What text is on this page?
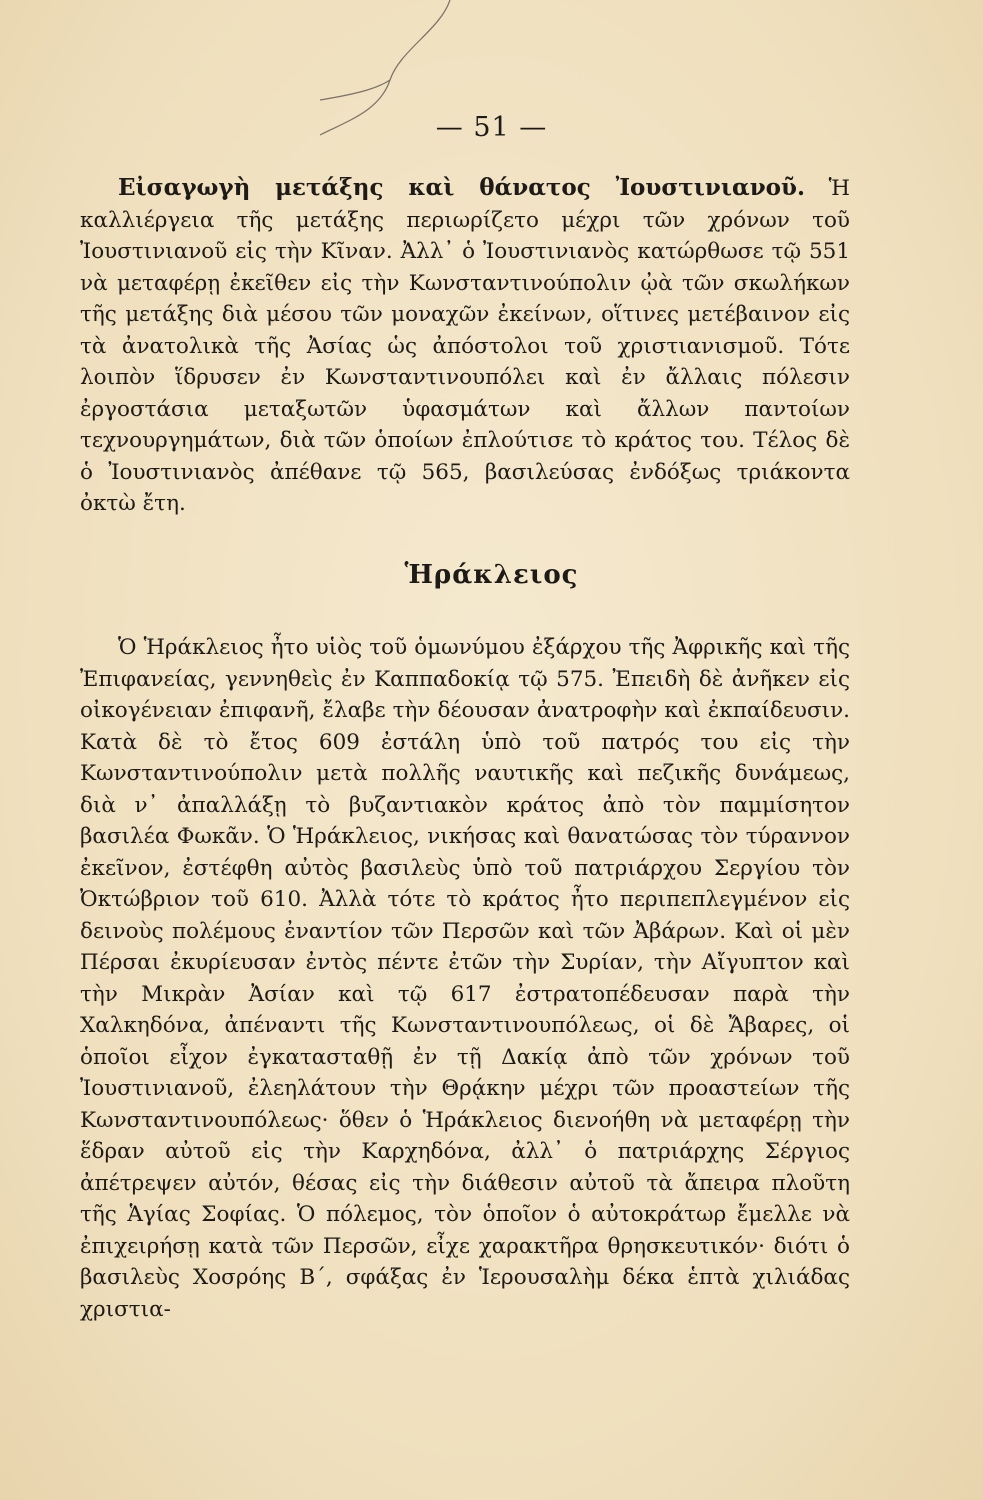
— 51 —

Εἰσαγωγὴ μετάξης καὶ θάνατος Ἰουστινιανοῦ. Ἡ καλλιέργεια τῆς μετάξης περιωρίζετο μέχρι τῶν χρόνων τοῦ Ἰουστινιανοῦ εἰς τὴν Κῖναν. Ἀλλ᾽ ὁ Ἰουστινιανὸς κατώρθωσε τῷ 551 νὰ μεταφέρῃ ἐκεῖθεν εἰς τὴν Κωνσταντινούπολιν ᾠὰ τῶν σκωλήκων τῆς μετάξης διὰ μέσου τῶν μοναχῶν ἐκείνων, οἵτινες μετέβαινον εἰς τὰ ἀνατολικὰ τῆς Ἀσίας ὡς ἀπόστολοι τοῦ χριστιανισμοῦ. Τότε λοιπὸν ἵδρυσεν ἐν Κωνσταντινουπόλει καὶ ἐν ἄλλαις πόλεσιν ἐργοστάσια μεταξωτῶν ὑφασμάτων καὶ ἄλλων παντοίων τεχνουργημάτων, διὰ τῶν ὁποίων ἐπλούτισε τὸ κράτος του. Τέλος δὲ ὁ Ἰουστινιανὸς ἀπέθανε τῷ 565, βασιλεύσας ἐνδόξως τριάκοντα ὀκτὼ ἔτη.

Ἡράκλειος

Ὁ Ἡράκλειος ἦτο υἱὸς τοῦ ὁμωνύμου ἐξάρχου τῆς Ἀφρικῆς καὶ τῆς Ἐπιφανείας, γεννηθεὶς ἐν Καππαδοκίᾳ τῷ 575. Ἐπειδὴ δὲ ἀνῆκεν εἰς οἰκογένειαν ἐπιφανῆ, ἔλαβε τὴν δέουσαν ἀνατροφὴν καὶ ἐκπαίδευσιν. Κατὰ δὲ τὸ ἔτος 609 ἐστάλη ὑπὸ τοῦ πατρός του εἰς τὴν Κωνσταντινούπολιν μετὰ πολλῆς ναυτικῆς καὶ πεζικῆς δυνάμεως, διὰ ν᾽ ἀπαλλάξῃ τὸ βυζαντιακὸν κράτος ἀπὸ τὸν παμμίσητον βασιλέα Φωκᾶν. Ὁ Ἡράκλειος, νικήσας καὶ θανατώσας τὸν τύραννον ἐκεῖνον, ἐστέφθη αὐτὸς βασιλεὺς ὑπὸ τοῦ πατριάρχου Σεργίου τὸν Ὀκτώβριον τοῦ 610. Ἀλλὰ τότε τὸ κράτος ἦτο περιπεπλεγμένον εἰς δεινοὺς πολέμους ἐναντίον τῶν Περσῶν καὶ τῶν Ἀβάρων. Καὶ οἱ μὲν Πέρσαι ἐκυρίευσαν ἐντὸς πέντε ἐτῶν τὴν Συρίαν, τὴν Αἴγυπτον καὶ τὴν Μικρὰν Ἀσίαν καὶ τῷ 617 ἐστρατοπέδευσαν παρὰ τὴν Χαλκηδόνα, ἀπέναντι τῆς Κωνσταντινουπόλεως, οἱ δὲ Ἄβαρες, οἱ ὁποῖοι εἶχον ἐγκατασταθῇ ἐν τῇ Δακίᾳ ἀπὸ τῶν χρόνων τοῦ Ἰουστινιανοῦ, ἐλεηλάτουν τὴν Θρᾴκην μέχρι τῶν προαστείων τῆς Κωνσταντινουπόλεως· ὅθεν ὁ Ἡράκλειος διενοήθη νὰ μεταφέρῃ τὴν ἕδραν αὐτοῦ εἰς τὴν Καρχηδόνα, ἀλλ᾽ ὁ πατριάρχης Σέργιος ἀπέτρεψεν αὐτόν, θέσας εἰς τὴν διάθεσιν αὐτοῦ τὰ ἄπειρα πλοῦτη τῆς Ἁγίας Σοφίας. Ὁ πόλεμος, τὸν ὁποῖον ὁ αὐτοκράτωρ ἔμελλε νὰ ἐπιχειρήσῃ κατὰ τῶν Περσῶν, εἶχε χαρακτῆρα θρησκευτικόν· διότι ὁ βασιλεὺς Χοσρόης Β΄, σφάξας ἐν Ἱερουσαλὴμ δέκα ἑπτὰ χιλιάδας χριστια-
